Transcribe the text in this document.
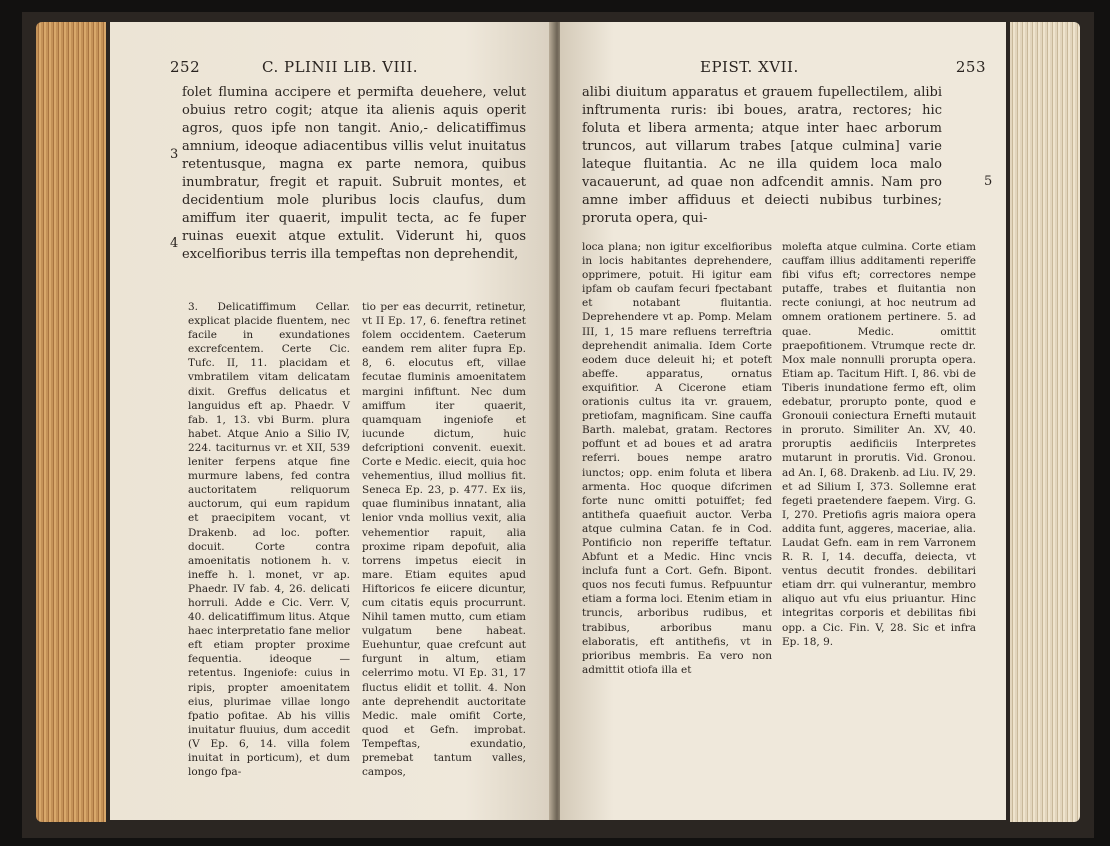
252	C. PLINII LIB. VIII.
3
4

folet flumina accipere et permifta deuehere, velut obuius retro cogit; atque ita alienis aquis operit agros, quos ipfe non tangit. Anio,- delicatiffimus amnium, ideoque adiacentibus villis velut inuitatus retentusque, magna ex parte nemora, quibus inumbratur, fregit et rapuit. Subruit montes, et decidentium mole pluribus locis claufus, dum amiffum iter quaerit, impulit tecta, ac fe fuper ruinas euexit atque extulit. Viderunt hi, quos excelfioribus terris illa tempeftas non deprehendit,

3. Delicatiffimum Cellar. explicat placide fluentem, nec facile in exundationes excrefcentem. Certe Cic. Tufc. II, 11. placidam et vmbratilem vitam delicatam dixit. Greffus delicatus et languidus eft ap. Phaedr. V fab. 1, 13. vbi Burm. plura habet. Atque Anio a Silio IV, 224. taciturnus vr. et XII, 539 leniter ferpens atque fine murmure labens, fed contra auctoritatem reliquorum auctorum, qui eum rapidum et praecipitem vocant, vt Drakenb. ad loc. pofter. docuit. Corte contra amoenitatis notionem h. v. ineffe h. l. monet, vr ap. Phaedr. IV fab. 4, 26. delicati horruli. Adde e Cic. Verr. V, 40. delicatiffimum litus. Atque haec interpretatio fane melior eft etiam propter proxime fequentia. ideoque — retentus. Ingeniofe: cuius in ripis, propter amoenitatem eius, plurimae villae longo fpatio pofitae. Ab his villis inuitatur fluuius, dum accedit (V Ep. 6, 14. villa folem inuitat in porticum), et dum longo fpa-

tio per eas decurrit, retinetur, vt II Ep. 17, 6. feneftra retinet folem occidentem. Caeterum eandem rem aliter fupra Ep. 8, 6. elocutus eft, villae fecutae fluminis amoenitatem margini infiftunt. Nec dum amiffum iter quaerit, quamquam ingeniofe et iucunde dictum, huic defcriptioni convenit. euexit. Corte e Medic. eiecit, quia hoc vehementius, illud mollius fit. Seneca Ep. 23, p. 477. Ex iis, quae fluminibus innatant, alia lenior vnda mollius vexit, alia vehementior rapuit, alia proxime ripam depofuit, alia torrens impetus eiecit in mare. Etiam equites apud Hiftoricos fe eiicere dicuntur, cum citatis equis procurrunt. Nihil tamen mutto, cum etiam vulgatum bene habeat. Euehuntur, quae crefcunt aut furgunt in altum, etiam celerrimo motu. VI Ep. 31, 17 fluctus elidit et tollit. 4. Non ante deprehendit auctoritate Medic. male omifit Corte, quod et Gefn. improbat. Tempeftas, exundatio, premebat tantum valles, campos,

EPIST. XVII.	253
5

alibi diuitum apparatus et grauem fupellectilem, alibi inftrumenta ruris: ibi boues, aratra, rectores; hic foluta et libera armenta; atque inter haec arborum truncos, aut villarum trabes [atque culmina] varie lateque fluitantia. Ac ne illa quidem loca malo vacauerunt, ad quae non adfcendit amnis. Nam pro amne imber affiduus et deiecti nubibus turbines; proruta opera, qui-

loca plana; non igitur excelfioribus in locis habitantes deprehendere, opprimere, potuit. Hi igitur eam ipfam ob caufam fecuri fpectabant et notabant fluitantia. Deprehendere vt ap. Pomp. Melam III, 1, 15 mare refluens terreftria deprehendit animalia. Idem Corte eodem duce deleuit hi; et poteft abeffe. apparatus, ornatus exquifitior. A Cicerone etiam orationis cultus ita vr. grauem, pretiofam, magnificam. Sine cauffa Barth. malebat, gratam. Rectores poffunt et ad boues et ad aratra referri. boues nempe aratro iunctos; opp. enim foluta et libera armenta. Hoc quoque difcrimen forte nunc omitti potuiffet; fed antithefa quaefiuit auctor. Verba atque culmina Catan. fe in Cod. Pontificio non reperiffe teftatur. Abfunt et a Medic. Hinc vncis inclufa funt a Cort. Gefn. Bipont. quos nos fecuti fumus. Refpuuntur etiam a forma loci. Etenim etiam in truncis, arboribus rudibus, et trabibus, arboribus manu elaboratis, eft antithefis, vt in prioribus membris. Ea vero non admittit otiofa illa et

molefta atque culmina. Corte etiam cauffam illius additamenti reperiffe fibi vifus eft; correctores nempe putaffe, trabes et fluitantia non recte coniungi, at hoc neutrum ad omnem orationem pertinere. 5. ad quae. Medic. omittit praepofitionem. Vtrumque recte dr. Mox male nonnulli prorupta opera. Etiam ap. Tacitum Hift. I, 86. vbi de Tiberis inundatione fermo eft, olim edebatur, prorupto ponte, quod e Gronouii coniectura Ernefti mutauit in proruto. Similiter An. XV, 40. proruptis aedificiis Interpretes mutarunt in prorutis. Vid. Gronou. ad An. I, 68. Drakenb. ad Liu. IV, 29. et ad Silium I, 373. Sollemne erat fegeti praetendere faepem. Virg. G. I, 270. Pretiofis agris maiora opera addita funt, aggeres, maceriae, alia. Laudat Gefn. eam in rem Varronem R. R. I, 14. decuffa, deiecta, vt ventus decutit frondes. debilitari etiam drr. qui vulnerantur, membro aliquo aut vfu eius priuantur. Hinc integritas corporis et debilitas fibi opp. a Cic. Fin. V, 28. Sic et infra Ep. 18, 9.
